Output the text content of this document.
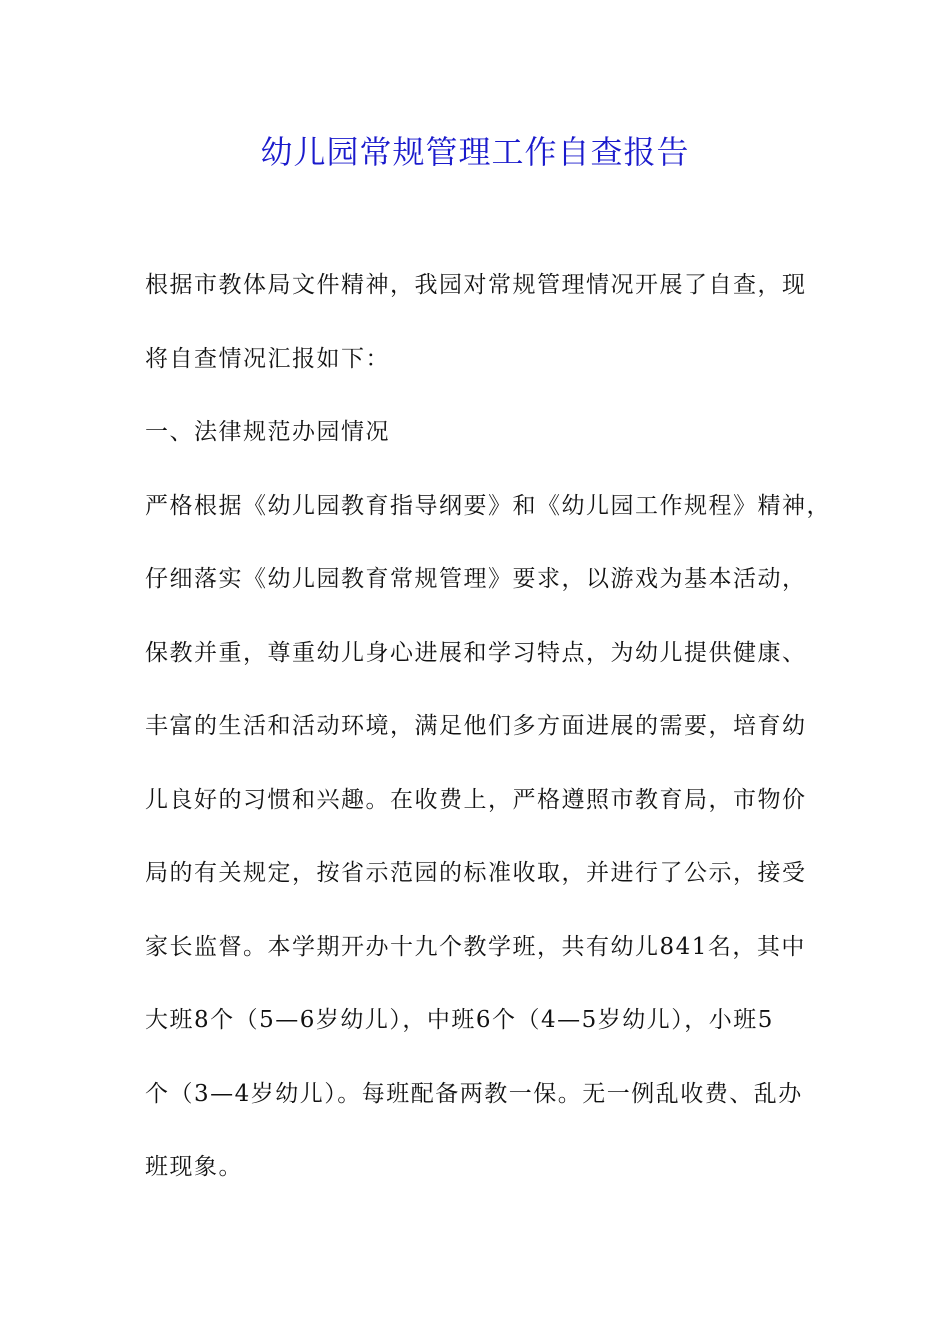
幼儿园常规管理工作自查报告
根据市教体局文件精神，我园对常规管理情况开展了自查，现
将自查情况汇报如下：
一、法律规范办园情况
严格根据《幼儿园教育指导纲要》和《幼儿园工作规程》精神，
仔细落实《幼儿园教育常规管理》要求，以游戏为基本活动，
保教并重，尊重幼儿身心进展和学习特点，为幼儿提供健康、
丰富的生活和活动环境，满足他们多方面进展的需要，培育幼
儿良好的习惯和兴趣。在收费上，严格遵照市教育局，市物价
局的有关规定，按省示范园的标准收取，并进行了公示，接受
家长监督。本学期开办十九个教学班，共有幼儿841名，其中
大班8个（5—6岁幼儿），中班6个（4—5岁幼儿），小班5
个（3—4岁幼儿）。每班配备两教一保。无一例乱收费、乱办
班现象。
